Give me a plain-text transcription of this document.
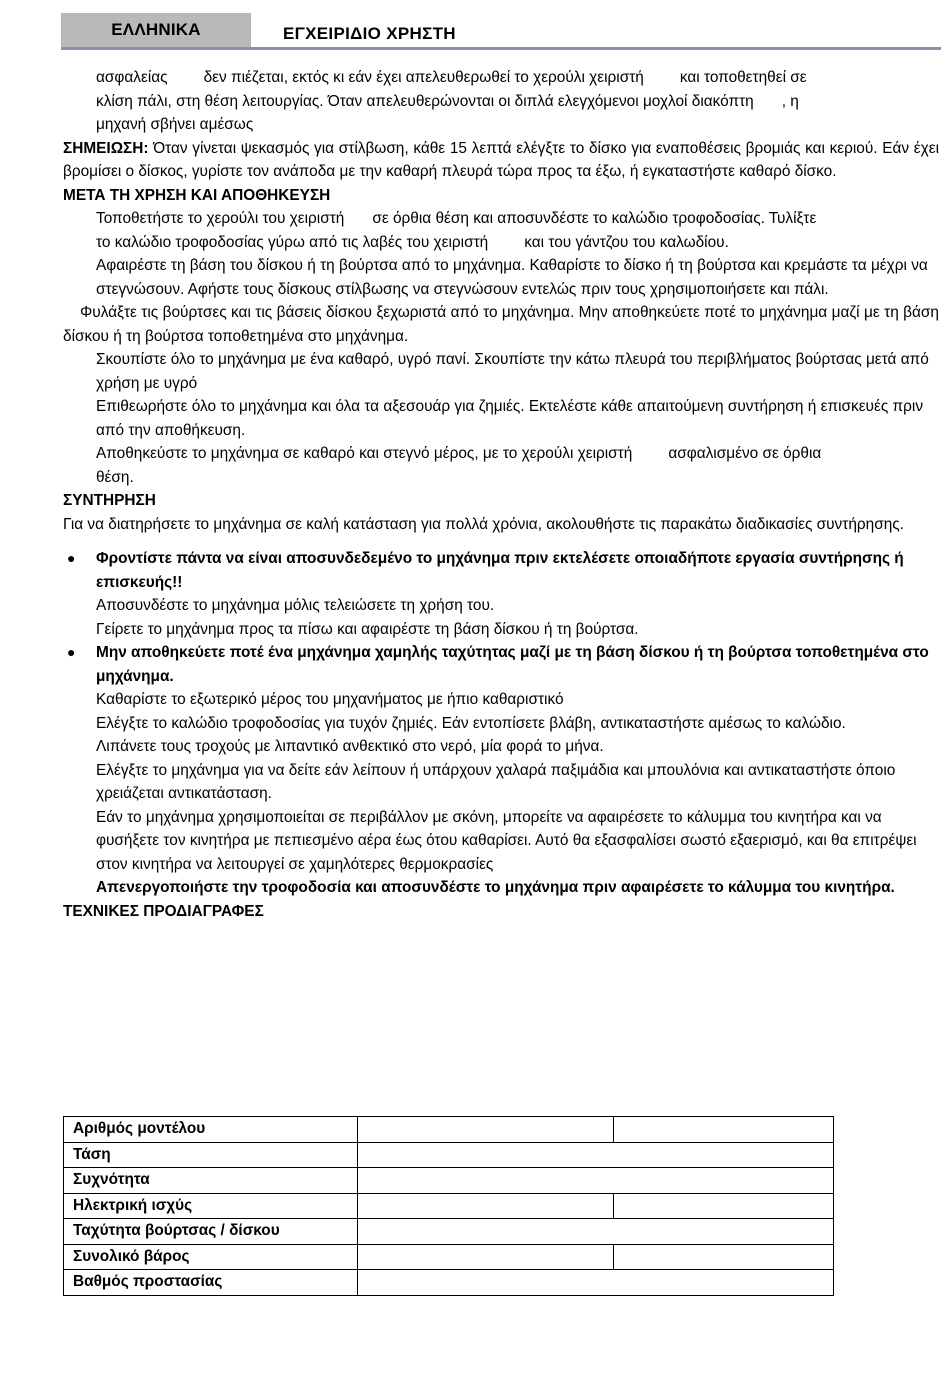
ΕΛΛΗΝΙΚΑ	ΕΓΧΕΙΡΙΔΙΟ ΧΡΗΣΤΗ

ασφαλείας δεν πιέζεται, εκτός κι εάν έχει απελευθερωθεί το χερούλι χειριστή και τοποθετηθεί σε

κλίση πάλι, στη θέση λειτουργίας. Όταν απελευθερώνονται οι διπλά ελεγχόμενοι μοχλοί διακόπτη , η

μηχανή σβήνει αμέσως

ΣΗΜΕΙΩΣΗ: Όταν γίνεται ψεκασμός για στίλβωση, κάθε 15 λεπτά ελέγξτε το δίσκο για εναποθέσεις βρομιάς και κεριού. Εάν έχει βρομίσει ο δίσκος, γυρίστε τον ανάποδα με την καθαρή πλευρά τώρα προς τα έξω, ή εγκαταστήστε καθαρό δίσκο.

ΜΕΤΑ ΤΗ ΧΡΗΣΗ ΚΑΙ ΑΠΟΘΗΚΕΥΣΗ

Τοποθετήστε το χερούλι του χειριστή σε όρθια θέση και αποσυνδέστε το καλώδιο τροφοδοσίας. Τυλίξτε

το καλώδιο τροφοδοσίας γύρω από τις λαβές του χειριστή και του γάντζου του καλωδίου.

Αφαιρέστε τη βάση του δίσκου ή τη βούρτσα από το μηχάνημα. Καθαρίστε το δίσκο ή τη βούρτσα και κρεμάστε τα μέχρι να στεγνώσουν. Αφήστε τους δίσκους στίλβωσης να στεγνώσουν εντελώς πριν τους χρησιμοποιήσετε και πάλι.

Φυλάξτε τις βούρτσες και τις βάσεις δίσκου ξεχωριστά από το μηχάνημα. Μην αποθηκεύετε ποτέ το μηχάνημα μαζί με τη βάση δίσκου ή τη βούρτσα τοποθετημένα στο μηχάνημα.

Σκουπίστε όλο το μηχάνημα με ένα καθαρό, υγρό πανί. Σκουπίστε την κάτω πλευρά του περιβλήματος βούρτσας μετά από χρήση με υγρό

Επιθεωρήστε όλο το μηχάνημα και όλα τα αξεσουάρ για ζημιές. Εκτελέστε κάθε απαιτούμενη συντήρηση ή επισκευές πριν από την αποθήκευση.

Αποθηκεύστε το μηχάνημα σε καθαρό και στεγνό μέρος, με το χερούλι χειριστή ασφαλισμένο σε όρθια

θέση.

ΣΥΝΤΗΡΗΣΗ

Για να διατηρήσετε το μηχάνημα σε καλή κατάσταση για πολλά χρόνια, ακολουθήστε τις παρακάτω διαδικασίες συντήρησης.

● Φροντίστε πάντα να είναι αποσυνδεδεμένο το μηχάνημα πριν εκτελέσετε οποιαδήποτε εργασία συντήρησης ή επισκευής!!

Αποσυνδέστε το μηχάνημα μόλις τελειώσετε τη χρήση του.

Γείρετε το μηχάνημα προς τα πίσω και αφαιρέστε τη βάση δίσκου ή τη βούρτσα.

● Μην αποθηκεύετε ποτέ ένα μηχάνημα χαμηλής ταχύτητας μαζί με τη βάση δίσκου ή τη βούρτσα τοποθετημένα στο μηχάνημα.

Καθαρίστε το εξωτερικό μέρος του μηχανήματος με ήπιο καθαριστικό

Ελέγξτε το καλώδιο τροφοδοσίας για τυχόν ζημιές. Εάν εντοπίσετε βλάβη, αντικαταστήστε αμέσως το καλώδιο.

Λιπάνετε τους τροχούς με λιπαντικό ανθεκτικό στο νερό, μία φορά το μήνα.

Ελέγξτε το μηχάνημα για να δείτε εάν λείπουν ή υπάρχουν χαλαρά παξιμάδια και μπουλόνια και αντικαταστήστε όποιο χρειάζεται αντικατάσταση.

Εάν το μηχάνημα χρησιμοποιείται σε περιβάλλον με σκόνη, μπορείτε να αφαιρέσετε το κάλυμμα του κινητήρα και να φυσήξετε τον κινητήρα με πεπιεσμένο αέρα έως ότου καθαρίσει. Αυτό θα εξασφαλίσει σωστό εξαερισμό, και θα επιτρέψει στον κινητήρα να λειτουργεί σε χαμηλότερες θερμοκρασίες

Απενεργοποιήστε την τροφοδοσία και αποσυνδέστε το μηχάνημα πριν αφαιρέσετε το κάλυμμα του κινητήρα.

ΤΕΧΝΙΚΕΣ ΠΡΟΔΙΑΓΡΑΦΕΣ

Αριθμός μοντέλου		
Τάση		
Συχνότητα		
Ηλεκτρική ισχύς		
Ταχύτητα βούρτσας / δίσκου		
Συνολικό βάρος		
Βαθμός προστασίας		
